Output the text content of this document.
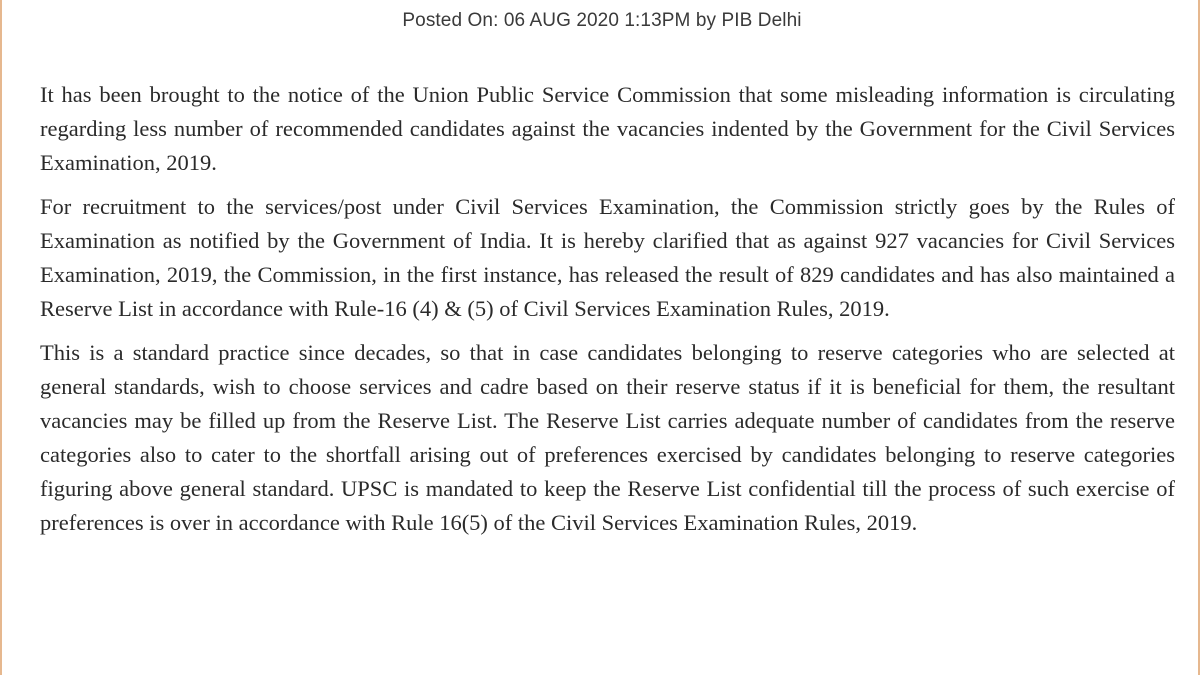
Posted On: 06 AUG 2020 1:13PM by PIB Delhi

It has been brought to the notice of the Union Public Service Commission that some misleading information is circulating regarding less number of recommended candidates against the vacancies indented by the Government for the Civil Services Examination, 2019.

For recruitment to the services/post under Civil Services Examination, the Commission strictly goes by the Rules of Examination as notified by the Government of India. It is hereby clarified that as against 927 vacancies for Civil Services Examination, 2019, the Commission, in the first instance, has released the result of 829 candidates and has also maintained a Reserve List in accordance with Rule-16 (4) & (5) of Civil Services Examination Rules, 2019.

This is a standard practice since decades, so that in case candidates belonging to reserve categories who are selected at general standards, wish to choose services and cadre based on their reserve status if it is beneficial for them, the resultant vacancies may be filled up from the Reserve List. The Reserve List carries adequate number of candidates from the reserve categories also to cater to the shortfall arising out of preferences exercised by candidates belonging to reserve categories figuring above general standard. UPSC is mandated to keep the Reserve List confidential till the process of such exercise of preferences is over in accordance with Rule 16(5) of the Civil Services Examination Rules, 2019.
